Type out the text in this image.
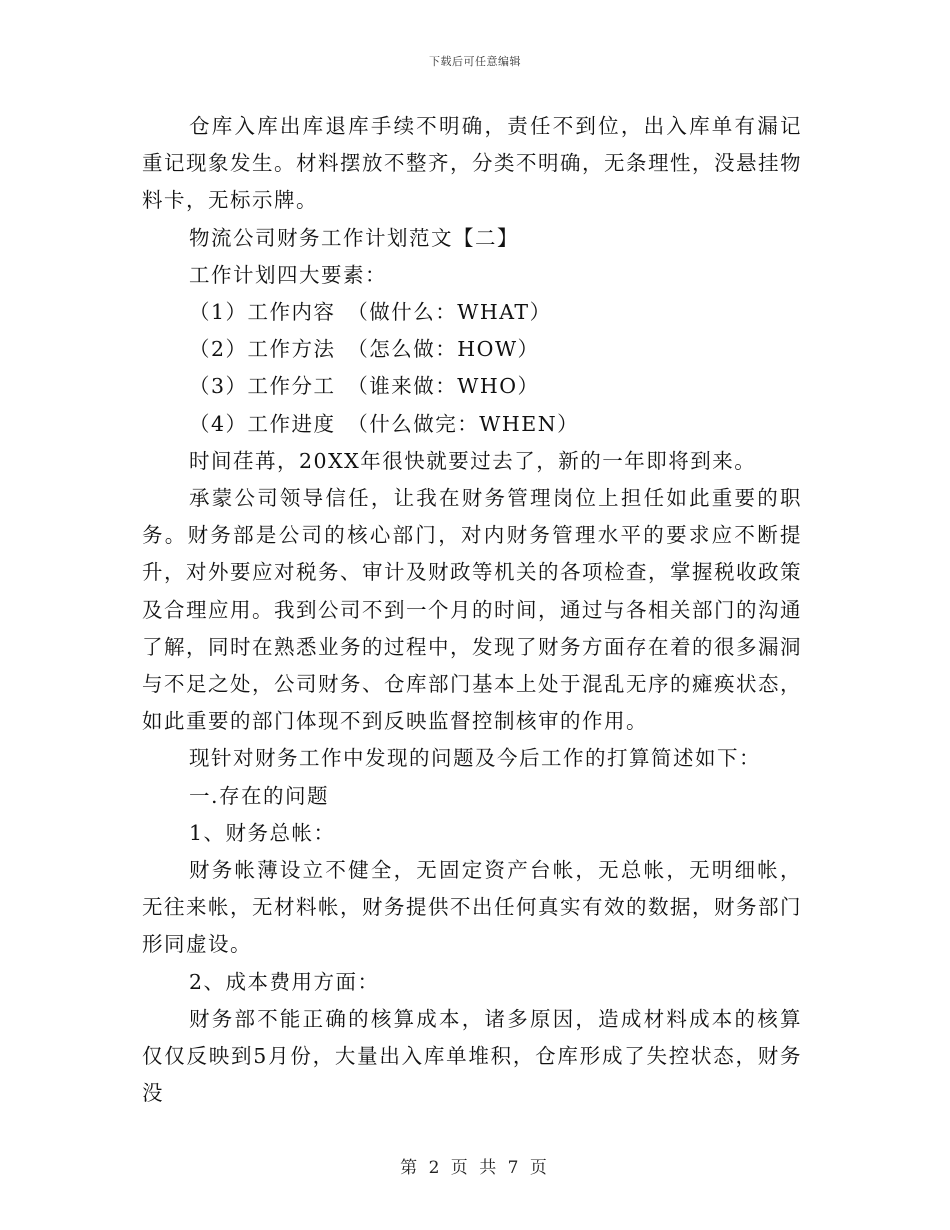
下载后可任意编辑

仓库入库出库退库手续不明确，责任不到位，出入库单有漏记重记现象发生。材料摆放不整齐，分类不明确，无条理性，没悬挂物料卡，无标示牌。

物流公司财务工作计划范文【二】

工作计划四大要素：

（1）工作内容　（做什么：WHAT）

（2）工作方法　（怎么做：HOW）

（3）工作分工　（谁来做：WHO）

（4）工作进度　（什么做完：WHEN）

时间荏苒，20XX年很快就要过去了，新的一年即将到来。

承蒙公司领导信任，让我在财务管理岗位上担任如此重要的职务。财务部是公司的核心部门，对内财务管理水平的要求应不断提升，对外要应对税务、审计及财政等机关的各项检查，掌握税收政策及合理应用。我到公司不到一个月的时间，通过与各相关部门的沟通了解，同时在熟悉业务的过程中，发现了财务方面存在着的很多漏洞与不足之处，公司财务、仓库部门基本上处于混乱无序的瘫痪状态，如此重要的部门体现不到反映监督控制核审的作用。

现针对财务工作中发现的问题及今后工作的打算简述如下：

一.存在的问题

1、财务总帐：

财务帐薄设立不健全，无固定资产台帐，无总帐，无明细帐，无往来帐，无材料帐，财务提供不出任何真实有效的数据，财务部门形同虚设。

2、成本费用方面：

财务部不能正确的核算成本，诸多原因，造成材料成本的核算仅仅反映到5月份，大量出入库单堆积，仓库形成了失控状态，财务没

第 2 页 共 7 页
